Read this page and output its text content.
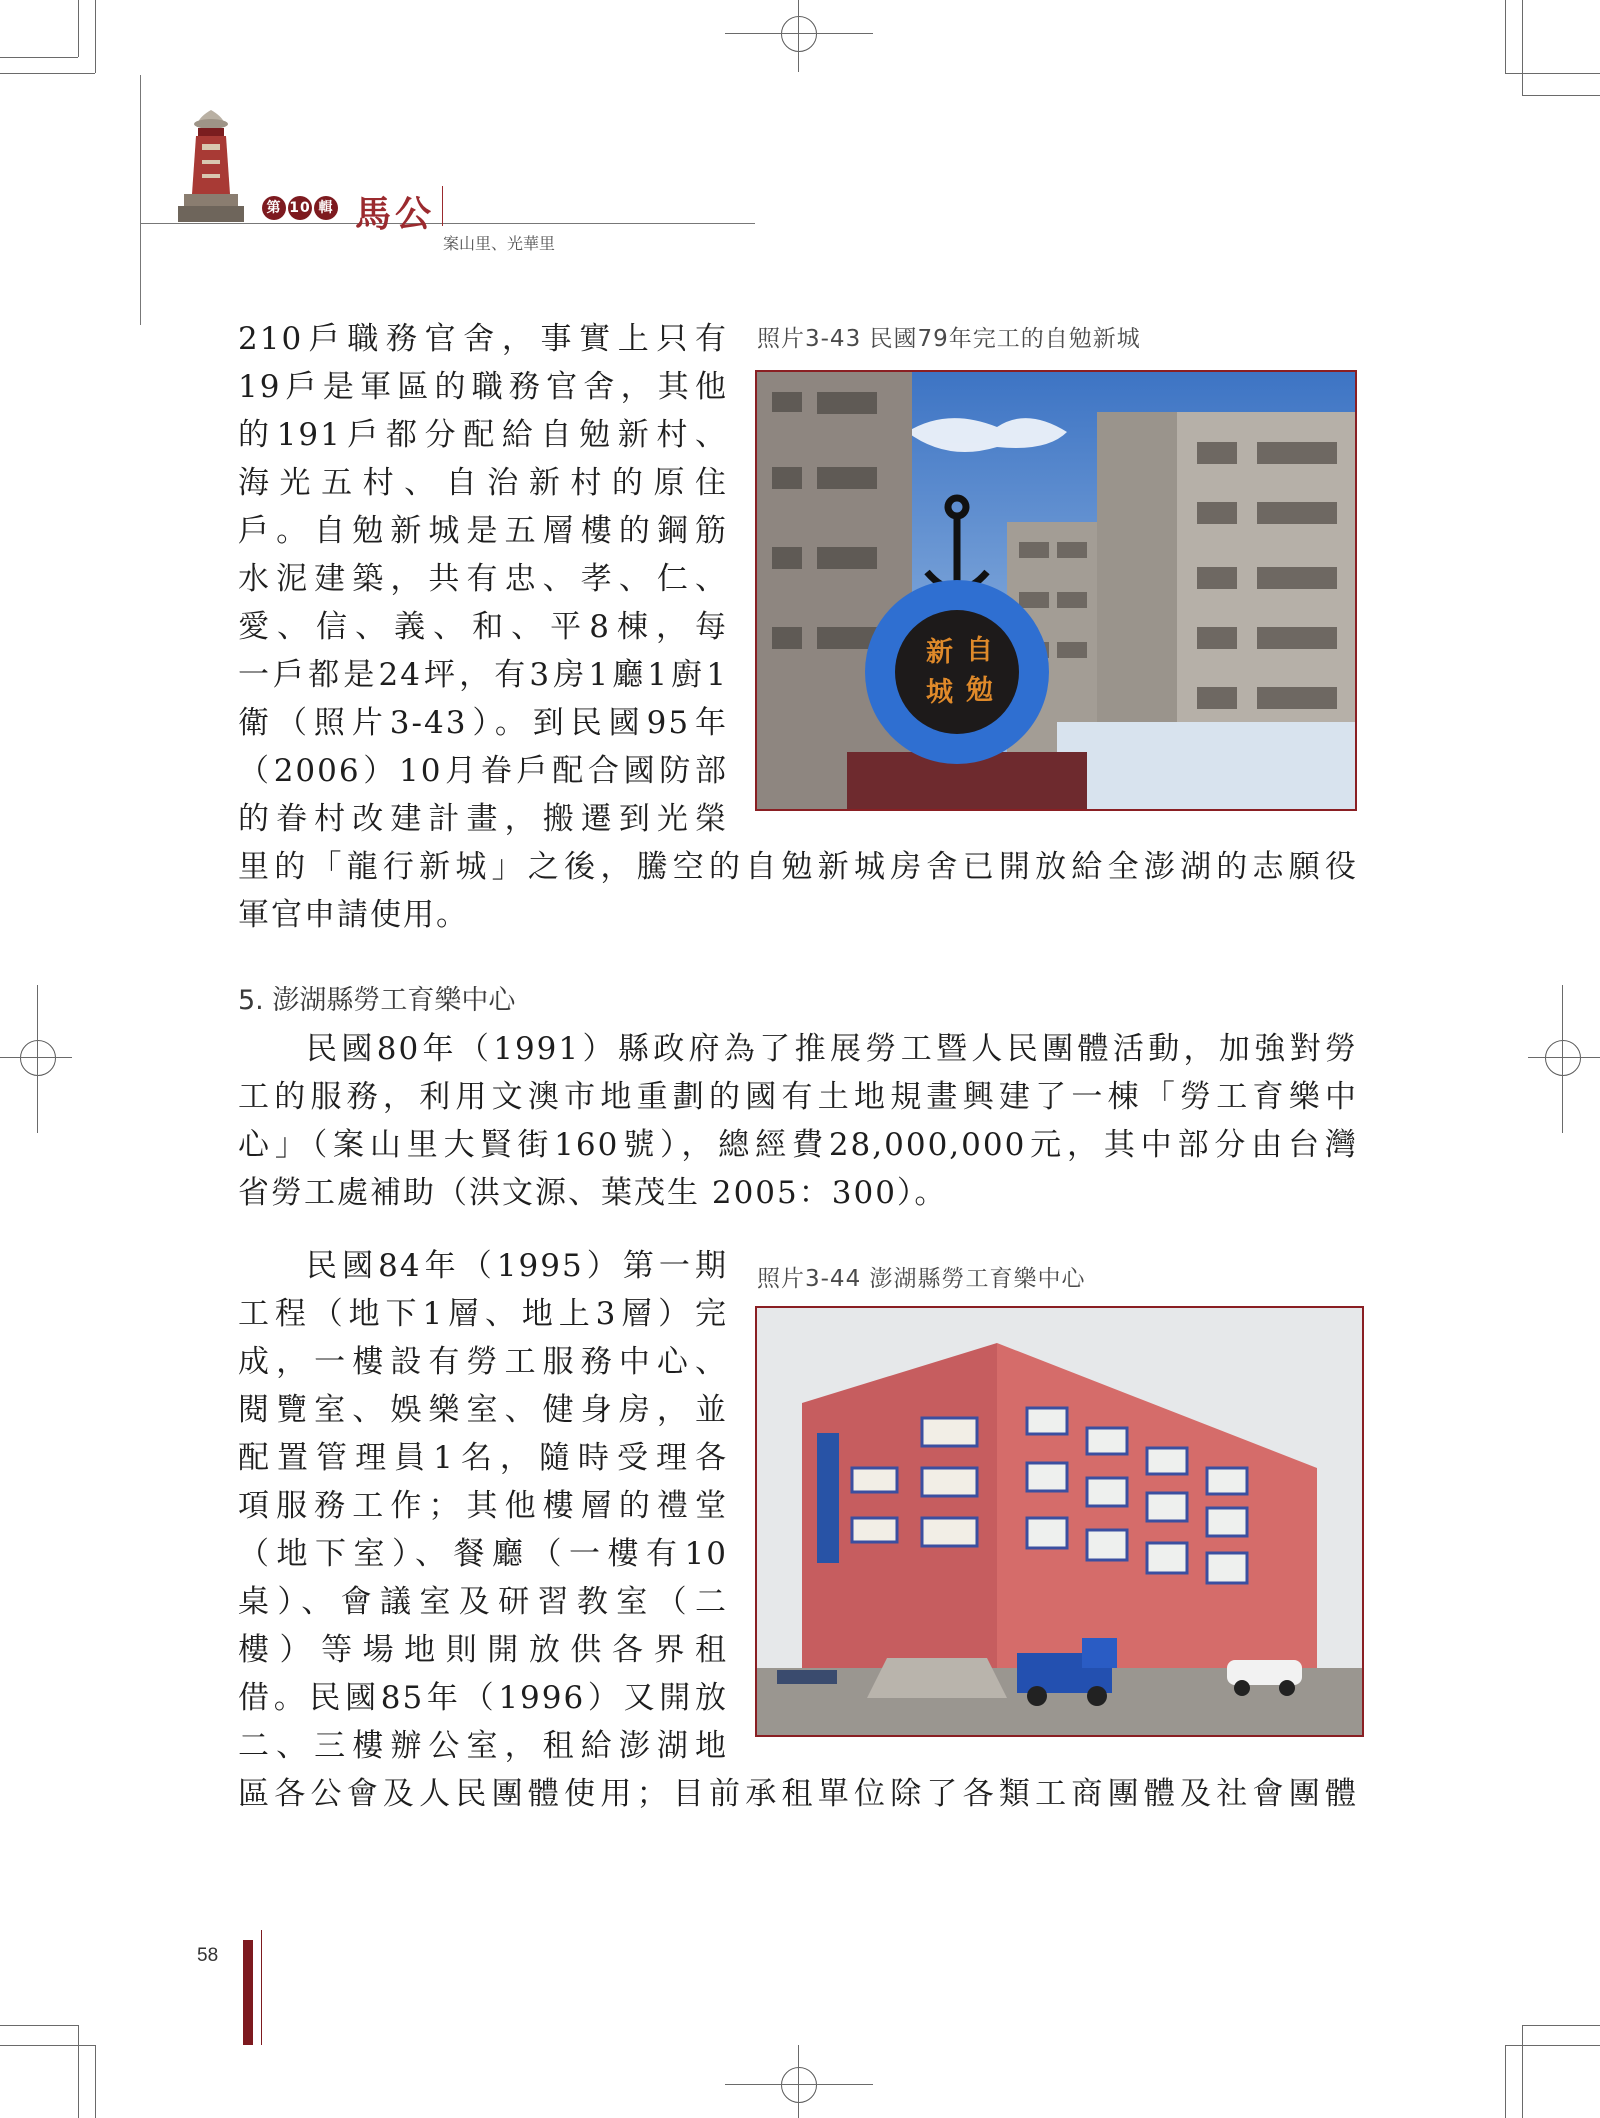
第 10 輯 馬公
案山里、光華里
210戶職務官舍，事實上只有
19戶是軍區的職務官舍，其他
的191戶都分配給自勉新村、
海光五村、自治新村的原住
戶。自勉新城是五層樓的鋼筋
水泥建築，共有忠、孝、仁、
愛、信、義、和、平8棟，每
一戶都是24坪，有3房1廳1廚1
衛（照片3-43）。到民國95年
（2006）10月眷戶配合國防部
的眷村改建計畫，搬遷到光榮
里的「龍行新城」之後，騰空的自勉新城房舍已開放給全澎湖的志願役
軍官申請使用。
照片3-43 民國79年完工的自勉新城
自
新
勉
城
5. 澎湖縣勞工育樂中心
民國80年（1991）縣政府為了推展勞工暨人民團體活動，加強對勞
工的服務，利用文澳市地重劃的國有土地規畫興建了一棟「勞工育樂中
心」（案山里大賢街160號），總經費28,000,000元，其中部分由台灣
省勞工處補助（洪文源、葉茂生 2005：300）。
民國84年（1995）第一期
工程（地下1層、地上3層）完
成，一樓設有勞工服務中心、
閱覽室、娛樂室、健身房，並
配置管理員1名，隨時受理各
項服務工作；其他樓層的禮堂
（地下室）、餐廳（一樓有10
桌）、會議室及研習教室（二
樓）等場地則開放供各界租
借。民國85年（1996）又開放
二、三樓辦公室，租給澎湖地
區各公會及人民團體使用；目前承租單位除了各類工商團體及社會團體
照片3-44 澎湖縣勞工育樂中心
58
